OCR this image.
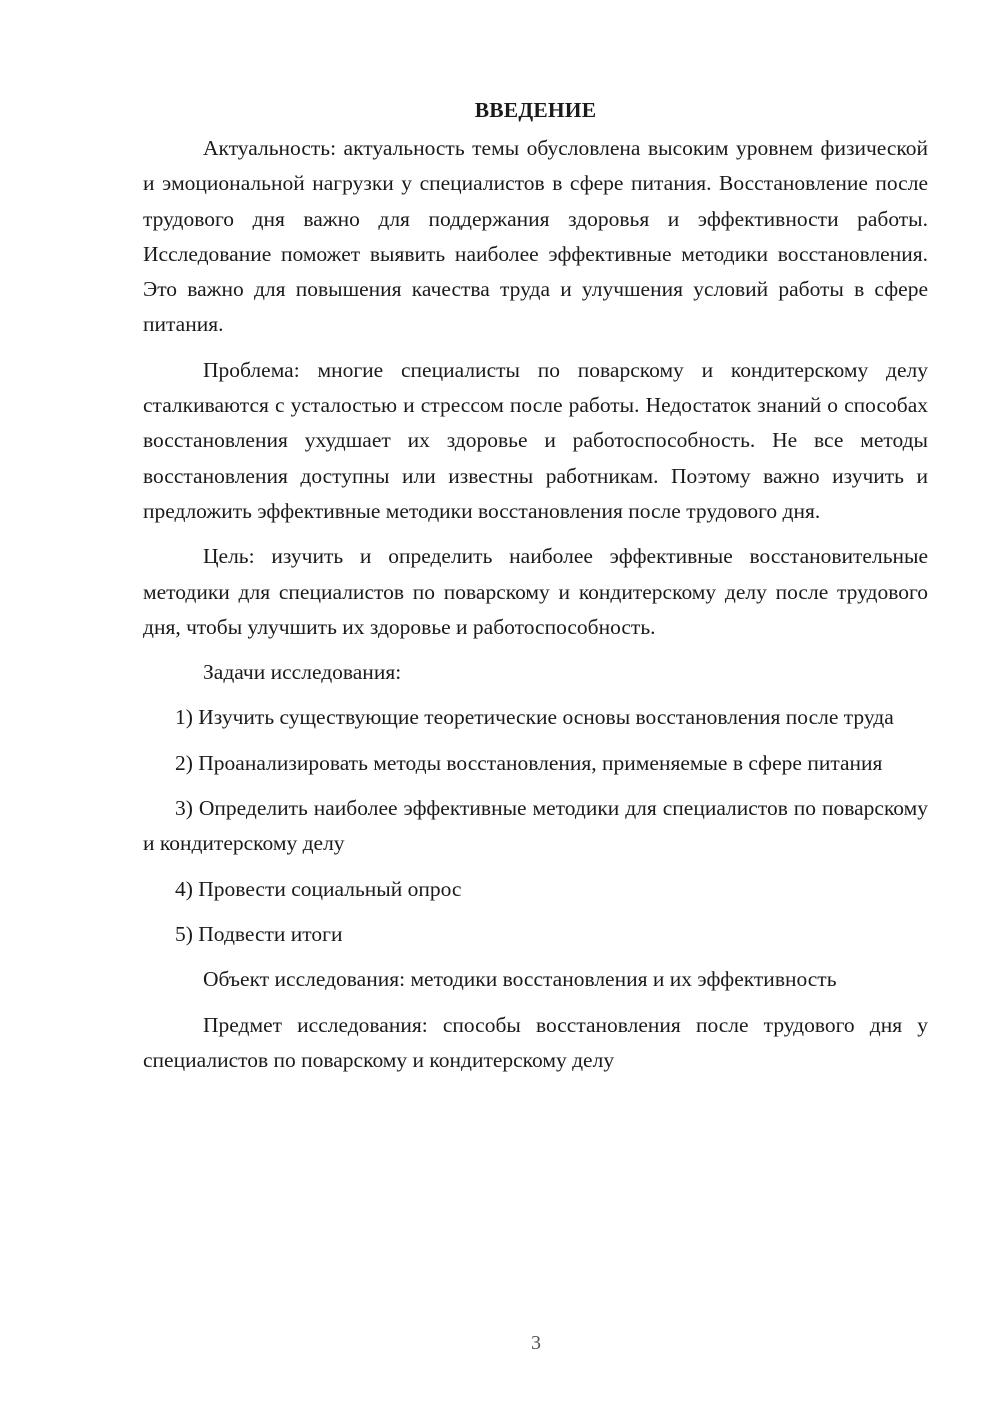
ВВЕДЕНИЕ

Актуальность: актуальность темы обусловлена высоким уровнем физической и эмоциональной нагрузки у специалистов в сфере питания. Восстановление после трудового дня важно для поддержания здоровья и эффективности работы. Исследование поможет выявить наиболее эффективные методики восстановления. Это важно для повышения качества труда и улучшения условий работы в сфере питания.

Проблема: многие специалисты по поварскому и кондитерскому делу сталкиваются с усталостью и стрессом после работы. Недостаток знаний о способах восстановления ухудшает их здоровье и работоспособность. Не все методы восстановления доступны или известны работникам. Поэтому важно изучить и предложить эффективные методики восстановления после трудового дня.

Цель: изучить и определить наиболее эффективные восстановительные методики для специалистов по поварскому и кондитерскому делу после трудового дня, чтобы улучшить их здоровье и работоспособность.

Задачи исследования:

1) Изучить существующие теоретические основы восстановления после труда

2) Проанализировать методы восстановления, применяемые в сфере питания

3) Определить наиболее эффективные методики для специалистов по поварскому и кондитерскому делу

4) Провести социальный опрос

5) Подвести итоги

Объект исследования: методики восстановления и их эффективность

Предмет исследования: способы восстановления после трудового дня у специалистов по поварскому и кондитерскому делу

3
